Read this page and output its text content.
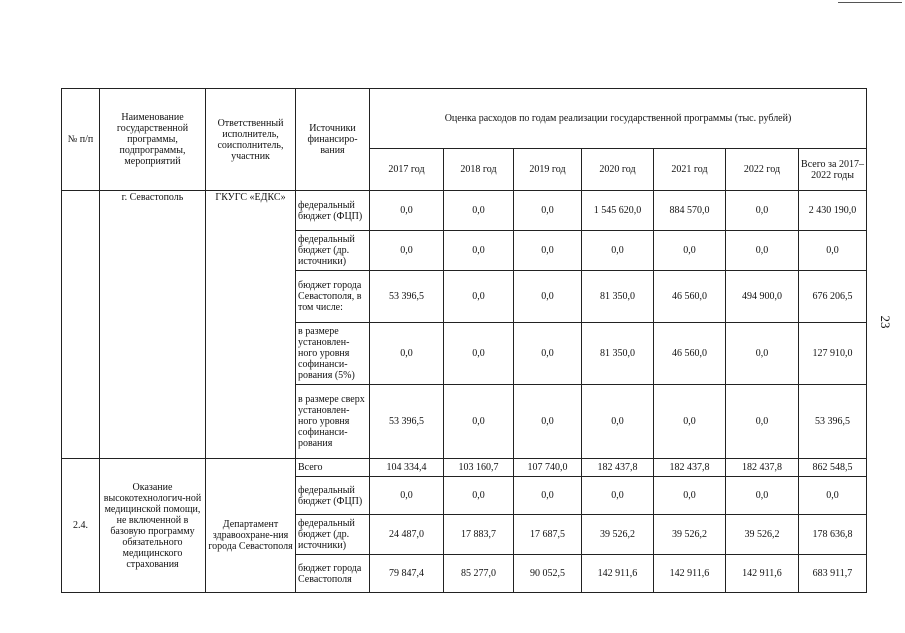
23
№ п/п	Наименование государственной программы, подпрограммы, мероприятий	Ответственный исполнитель, соисполнитель, участник	Источники финансиро-вания	Оценка расходов по годам реализации государственной программы (тыс. рублей)						
				2017 год	2018 год	2019 год	2020 год	2021 год	2022 год	Всего за 2017–2022 годы
	г. Севастополь	ГКУГС «ЕДКС»	федеральный бюджет (ФЦП)	0,0	0,0	0,0	1 545 620,0	884 570,0	0,0	2 430 190,0
			федеральный бюджет (др. источники)	0,0	0,0	0,0	0,0	0,0	0,0	0,0
			бюджет города Севастополя, в том числе:	53 396,5	0,0	0,0	81 350,0	46 560,0	494 900,0	676 206,5
			в размере установлен-ного уровня софинанси-рования (5%)	0,0	0,0	0,0	81 350,0	46 560,0	0,0	127 910,0
			в размере сверх установлен-ного уровня софинанси-рования	53 396,5	0,0	0,0	0,0	0,0	0,0	53 396,5
2.4.	Оказание высокотехнологич-ной медицинской помощи, не включенной в базовую программу обязательного медицинского страхования	Департамент здравоохране-ния города Севастополя	Всего	104 334,4	103 160,7	107 740,0	182 437,8	182 437,8	182 437,8	862 548,5
			федеральный бюджет (ФЦП)	0,0	0,0	0,0	0,0	0,0	0,0	0,0
			федеральный бюджет (др. источники)	24 487,0	17 883,7	17 687,5	39 526,2	39 526,2	39 526,2	178 636,8
			бюджет города Севастополя	79 847,4	85 277,0	90 052,5	142 911,6	142 911,6	142 911,6	683 911,7
